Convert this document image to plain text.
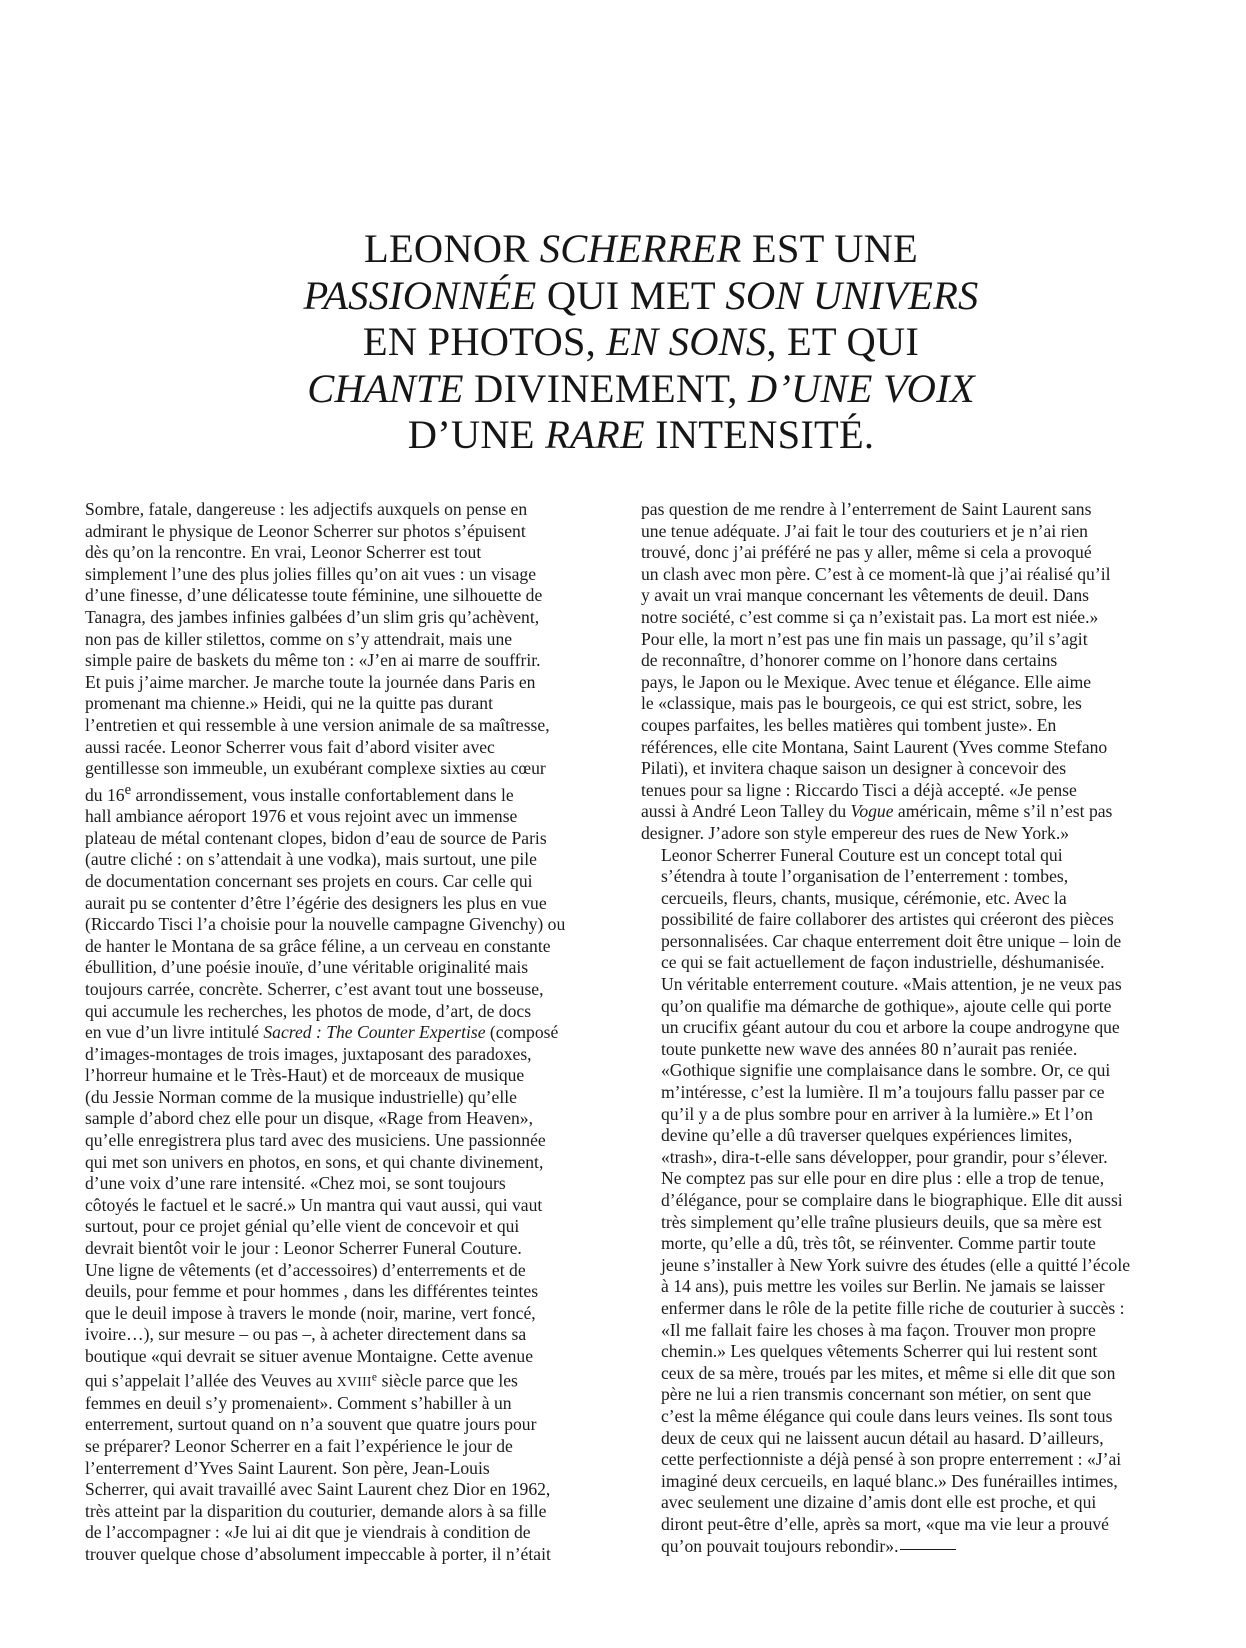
LEONOR SCHERRER EST UNE
PASSIONNÉE QUI MET SON UNIVERS
EN PHOTOS, EN SONS, ET QUI
CHANTE DIVINEMENT, D’UNE VOIX
D’UNE RARE INTENSITÉ.

Sombre, fatale, dangereuse : les adjectifs auxquels on pense en
admirant le physique de Leonor Scherrer sur photos s’épuisent
dès qu’on la rencontre. En vrai, Leonor Scherrer est tout
simplement l’une des plus jolies filles qu’on ait vues : un visage
d’une finesse, d’une délicatesse toute féminine, une silhouette de
Tanagra, des jambes infinies galbées d’un slim gris qu’achèvent,
non pas de killer stilettos, comme on s’y attendrait, mais une
simple paire de baskets du même ton : «J’en ai marre de souffrir.
Et puis j’aime marcher. Je marche toute la journée dans Paris en
promenant ma chienne.» Heidi, qui ne la quitte pas durant
l’entretien et qui ressemble à une version animale de sa maîtresse,
aussi racée. Leonor Scherrer vous fait d’abord visiter avec
gentillesse son immeuble, un exubérant complexe sixties au cœur
du 16e arrondissement, vous installe confortablement dans le
hall ambiance aéroport 1976 et vous rejoint avec un immense
plateau de métal contenant clopes, bidon d’eau de source de Paris
(autre cliché : on s’attendait à une vodka), mais surtout, une pile
de documentation concernant ses projets en cours. Car celle qui
aurait pu se contenter d’être l’égérie des designers les plus en vue
(Riccardo Tisci l’a choisie pour la nouvelle campagne Givenchy) ou
de hanter le Montana de sa grâce féline, a un cerveau en constante
ébullition, d’une poésie inouïe, d’une véritable originalité mais
toujours carrée, concrète. Scherrer, c’est avant tout une bosseuse,
qui accumule les recherches, les photos de mode, d’art, de docs
en vue d’un livre intitulé Sacred : The Counter Expertise (composé
d’images-montages de trois images, juxtaposant des paradoxes,
l’horreur humaine et le Très-Haut) et de morceaux de musique
(du Jessie Norman comme de la musique industrielle) qu’elle
sample d’abord chez elle pour un disque, «Rage from Heaven»,
qu’elle enregistrera plus tard avec des musiciens. Une passionnée
qui met son univers en photos, en sons, et qui chante divinement,
d’une voix d’une rare intensité. «Chez moi, se sont toujours
côtoyés le factuel et le sacré.» Un mantra qui vaut aussi, qui vaut
surtout, pour ce projet génial qu’elle vient de concevoir et qui
devrait bientôt voir le jour : Leonor Scherrer Funeral Couture.
Une ligne de vêtements (et d’accessoires) d’enterrements et de
deuils, pour femme et pour hommes , dans les différentes teintes
que le deuil impose à travers le monde (noir, marine, vert foncé,
ivoire…), sur mesure – ou pas –, à acheter directement dans sa
boutique «qui devrait se situer avenue Montaigne. Cette avenue
qui s’appelait l’allée des Veuves au XVIIIe siècle parce que les
femmes en deuil s’y promenaient». Comment s’habiller à un
enterrement, surtout quand on n’a souvent que quatre jours pour
se préparer? Leonor Scherrer en a fait l’expérience le jour de
l’enterrement d’Yves Saint Laurent. Son père, Jean-Louis
Scherrer, qui avait travaillé avec Saint Laurent chez Dior en 1962,
très atteint par la disparition du couturier, demande alors à sa fille
de l’accompagner : «Je lui ai dit que je viendrais à condition de
trouver quelque chose d’absolument impeccable à porter, il n’était

pas question de me rendre à l’enterrement de Saint Laurent sans
une tenue adéquate. J’ai fait le tour des couturiers et je n’ai rien
trouvé, donc j’ai préféré ne pas y aller, même si cela a provoqué
un clash avec mon père. C’est à ce moment-là que j’ai réalisé qu’il
y avait un vrai manque concernant les vêtements de deuil. Dans
notre société, c’est comme si ça n’existait pas. La mort est niée.»
Pour elle, la mort n’est pas une fin mais un passage, qu’il s’agit
de reconnaître, d’honorer comme on l’honore dans certains
pays, le Japon ou le Mexique. Avec tenue et élégance. Elle aime
le «classique, mais pas le bourgeois, ce qui est strict, sobre, les
coupes parfaites, les belles matières qui tombent juste». En
références, elle cite Montana, Saint Laurent (Yves comme Stefano
Pilati), et invitera chaque saison un designer à concevoir des
tenues pour sa ligne : Riccardo Tisci a déjà accepté. «Je pense
aussi à André Leon Talley du Vogue américain, même s’il n’est pas
designer. J’adore son style empereur des rues de New York.»

Leonor Scherrer Funeral Couture est un concept total qui
s’étendra à toute l’organisation de l’enterrement : tombes,
cercueils, fleurs, chants, musique, cérémonie, etc. Avec la
possibilité de faire collaborer des artistes qui créeront des pièces
personnalisées. Car chaque enterrement doit être unique – loin de
ce qui se fait actuellement de façon industrielle, déshumanisée.
Un véritable enterrement couture. «Mais attention, je ne veux pas
qu’on qualifie ma démarche de gothique», ajoute celle qui porte
un crucifix géant autour du cou et arbore la coupe androgyne que
toute punkette new wave des années 80 n’aurait pas reniée.
«Gothique signifie une complaisance dans le sombre. Or, ce qui
m’intéresse, c’est la lumière. Il m’a toujours fallu passer par ce
qu’il y a de plus sombre pour en arriver à la lumière.» Et l’on
devine qu’elle a dû traverser quelques expériences limites,
«trash», dira-t-elle sans développer, pour grandir, pour s’élever.
Ne comptez pas sur elle pour en dire plus : elle a trop de tenue,
d’élégance, pour se complaire dans le biographique. Elle dit aussi
très simplement qu’elle traîne plusieurs deuils, que sa mère est
morte, qu’elle a dû, très tôt, se réinventer. Comme partir toute
jeune s’installer à New York suivre des études (elle a quitté l’école
à 14 ans), puis mettre les voiles sur Berlin. Ne jamais se laisser
enfermer dans le rôle de la petite fille riche de couturier à succès :
«Il me fallait faire les choses à ma façon. Trouver mon propre
chemin.» Les quelques vêtements Scherrer qui lui restent sont
ceux de sa mère, troués par les mites, et même si elle dit que son
père ne lui a rien transmis concernant son métier, on sent que
c’est la même élégance qui coule dans leurs veines. Ils sont tous
deux de ceux qui ne laissent aucun détail au hasard. D’ailleurs,
cette perfectionniste a déjà pensé à son propre enterrement : «J’ai
imaginé deux cercueils, en laqué blanc.» Des funérailles intimes,
avec seulement une dizaine d’amis dont elle est proche, et qui
diront peut-être d’elle, après sa mort, «que ma vie leur a prouvé
qu’on pouvait toujours rebondir».
